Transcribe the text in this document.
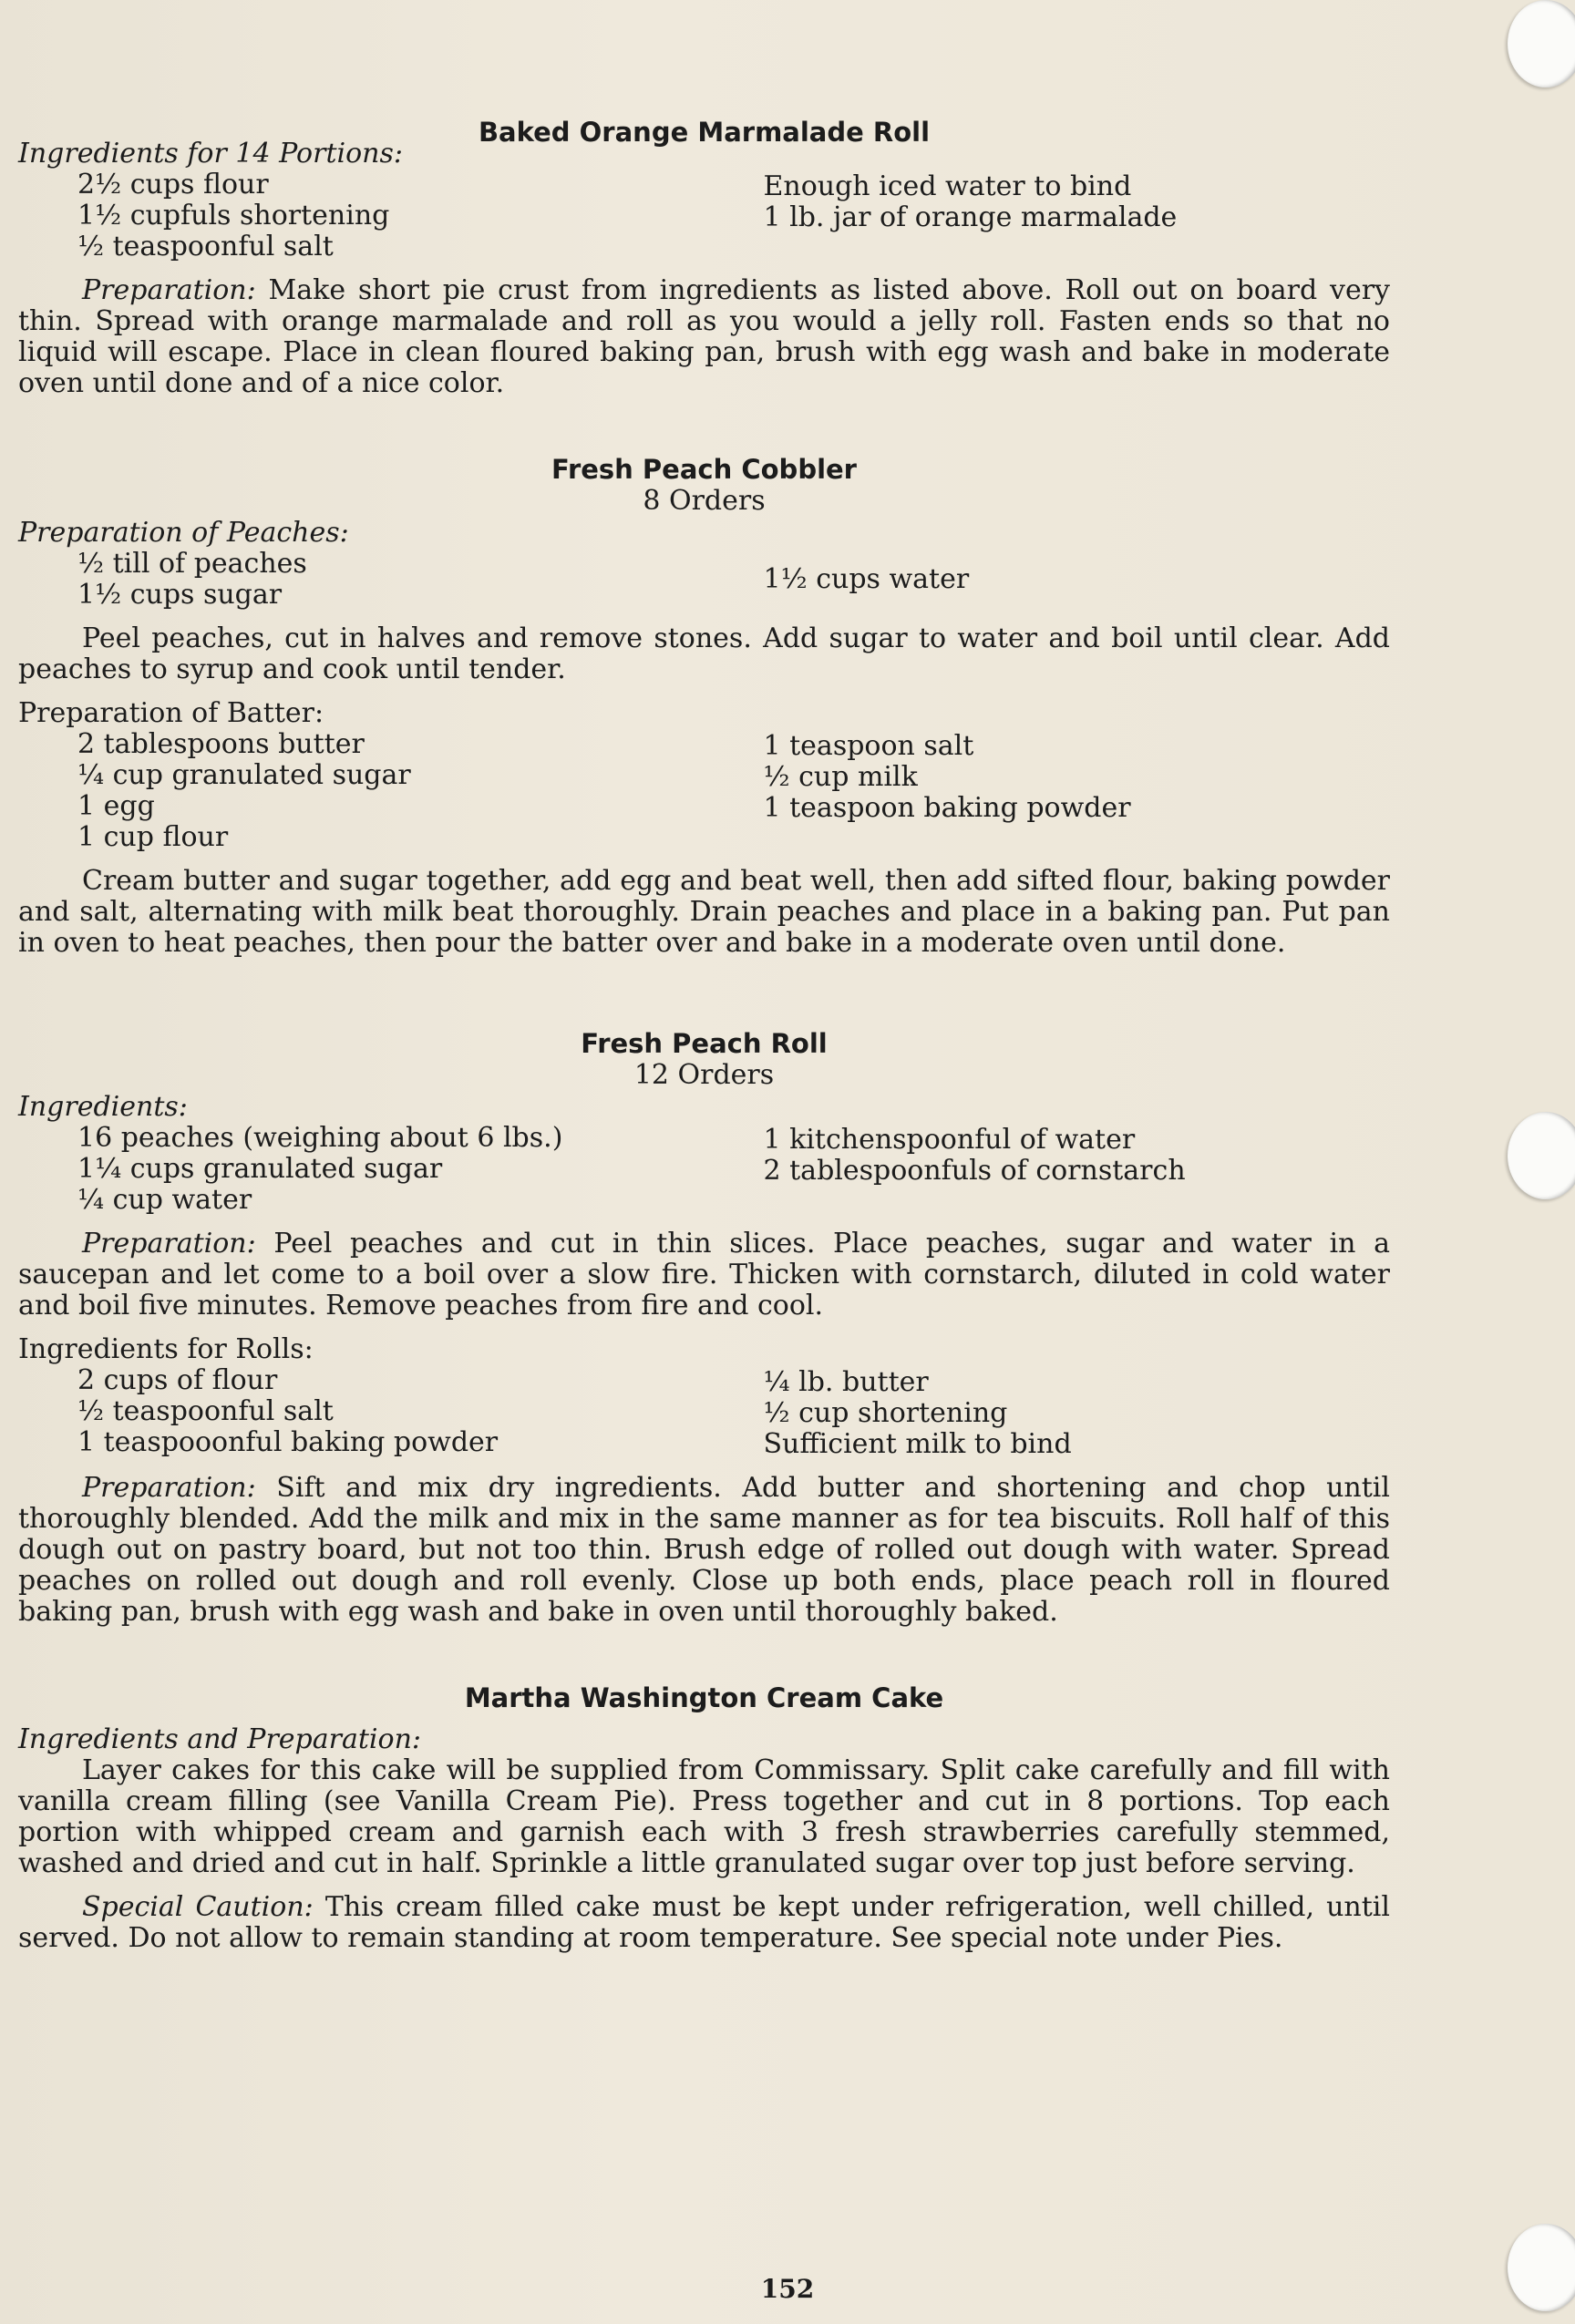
Baked Orange Marmalade Roll
Ingredients for 14 Portions:
2½ cups flour
1½ cupfuls shortening
½ teaspoonful salt
Enough iced water to bind
1 lb. jar of orange marmalade

Preparation: Make short pie crust from ingredients as listed above. Roll out on board very thin. Spread with orange marmalade and roll as you would a jelly roll. Fasten ends so that no liquid will escape. Place in clean floured baking pan, brush with egg wash and bake in moderate oven until done and of a nice color.

Fresh Peach Cobbler
8 Orders
Preparation of Peaches:
½ till of peaches
1½ cups sugar	1½ cups water

Peel peaches, cut in halves and remove stones. Add sugar to water and boil until clear. Add peaches to syrup and cook until tender.

Preparation of Batter:
2 tablespoons butter
¼ cup granulated sugar
1 egg
1 cup flour
1 teaspoon salt
½ cup milk
1 teaspoon baking powder

Cream butter and sugar together, add egg and beat well, then add sifted flour, baking powder and salt, alternating with milk beat thoroughly. Drain peaches and place in a baking pan. Put pan in oven to heat peaches, then pour the batter over and bake in a moderate oven until done.

Fresh Peach Roll
12 Orders
Ingredients:
16 peaches (weighing about 6 lbs.)
1¼ cups granulated sugar
¼ cup water
1 kitchenspoonful of water
2 tablespoonfuls of cornstarch

Preparation: Peel peaches and cut in thin slices. Place peaches, sugar and water in a saucepan and let come to a boil over a slow fire. Thicken with cornstarch, diluted in cold water and boil five minutes. Remove peaches from fire and cool.

Ingredients for Rolls:
2 cups of flour
½ teaspoonful salt
1 teaspooonful baking powder
¼ lb. butter
½ cup shortening
Sufficient milk to bind

Preparation: Sift and mix dry ingredients. Add butter and shortening and chop until thoroughly blended. Add the milk and mix in the same manner as for tea biscuits. Roll half of this dough out on pastry board, but not too thin. Brush edge of rolled out dough with water. Spread peaches on rolled out dough and roll evenly. Close up both ends, place peach roll in floured baking pan, brush with egg wash and bake in oven until thoroughly baked.

Martha Washington Cream Cake
Ingredients and Preparation:

Layer cakes for this cake will be supplied from Commissary. Split cake carefully and fill with vanilla cream filling (see Vanilla Cream Pie). Press together and cut in 8 portions. Top each portion with whipped cream and garnish each with 3 fresh strawberries carefully stemmed, washed and dried and cut in half. Sprinkle a little granulated sugar over top just before serving.

Special Caution: This cream filled cake must be kept under refrigeration, well chilled, until served. Do not allow to remain standing at room temperature. See special note under Pies.

152
